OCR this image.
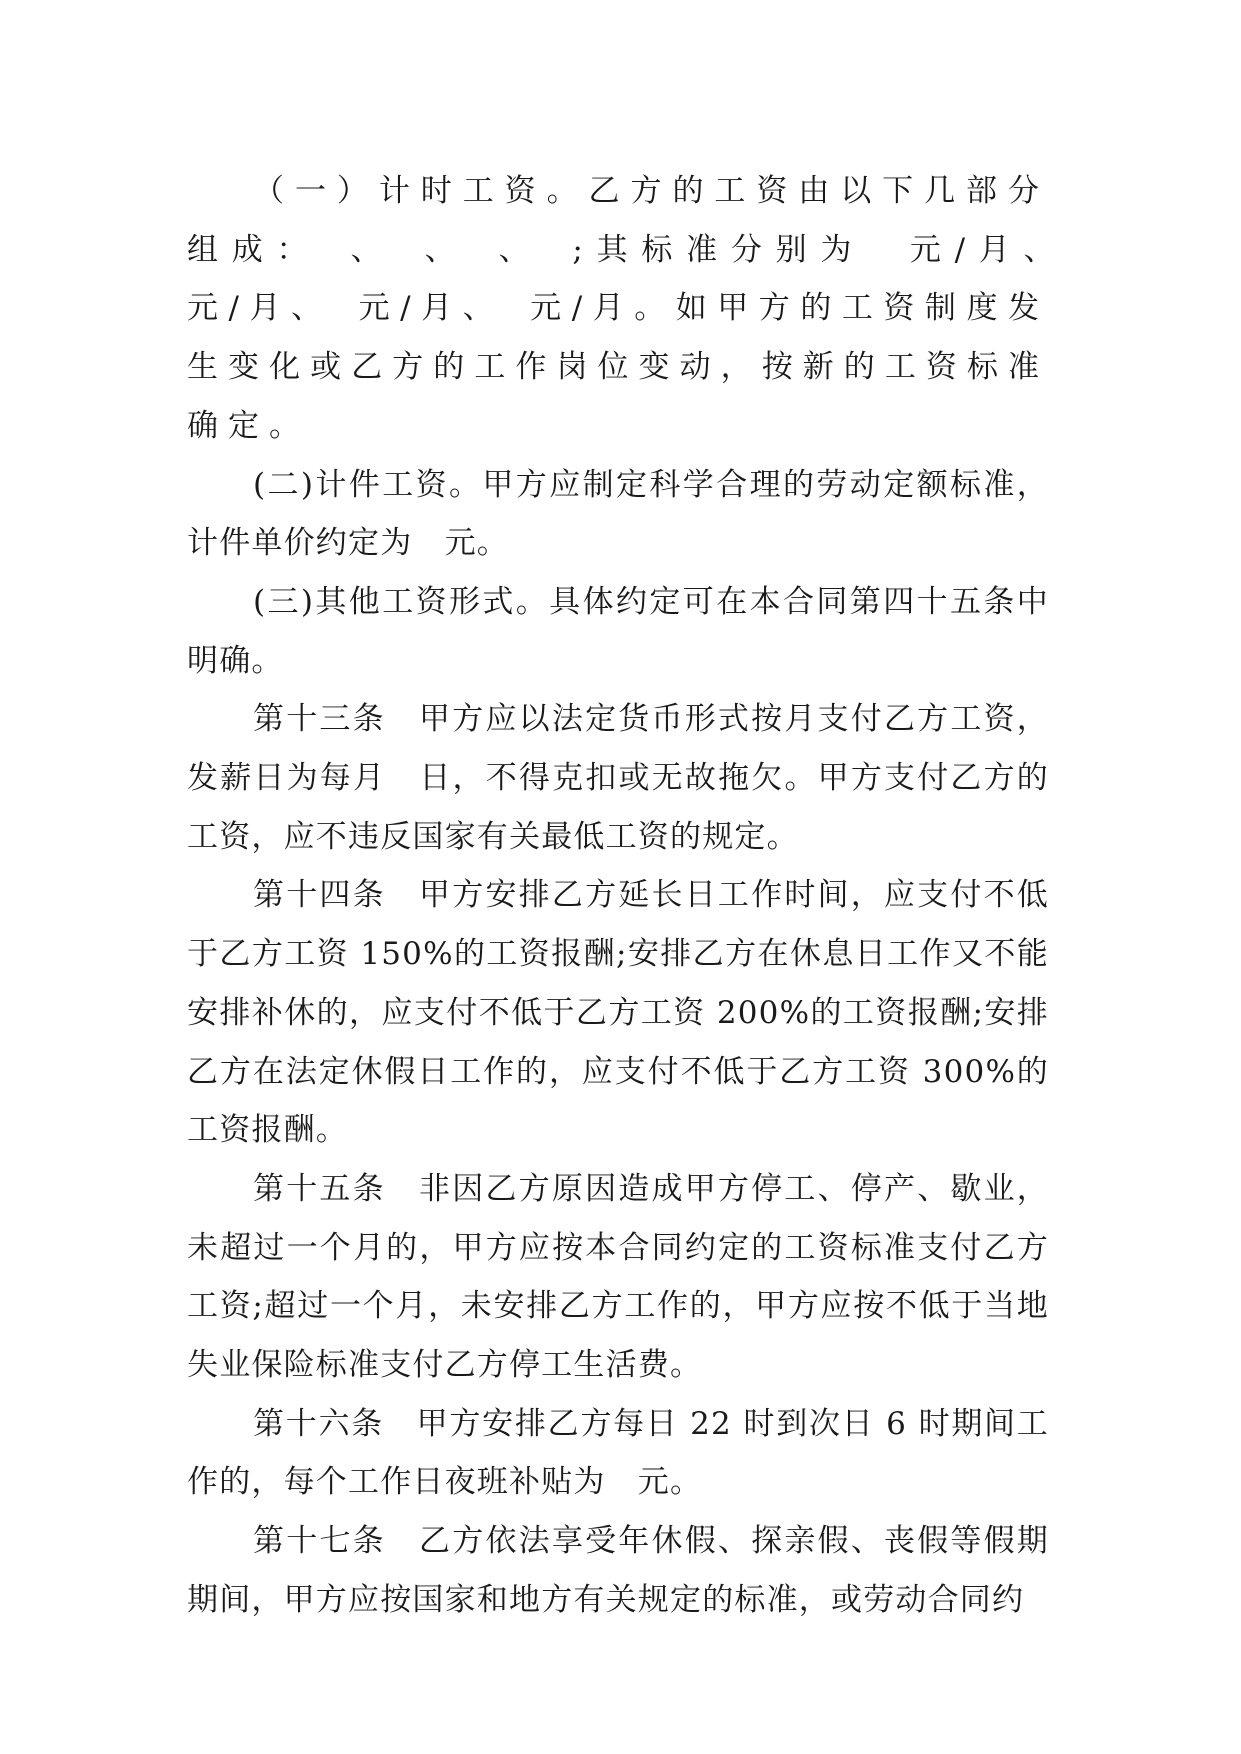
（一）计时工资。乙方的工资由以下几部分组成：　、　、　、　;其标准分别为　元/月、　元/月、　元/月、　元/月。如甲方的工资制度发生变化或乙方的工作岗位变动，按新的工资标准确定。

(二)计件工资。甲方应制定科学合理的劳动定额标准，计件单价约定为　元。

(三)其他工资形式。具体约定可在本合同第四十五条中明确。

第十三条　甲方应以法定货币形式按月支付乙方工资，发薪日为每月　日，不得克扣或无故拖欠。甲方支付乙方的工资，应不违反国家有关最低工资的规定。

第十四条　甲方安排乙方延长日工作时间，应支付不低于乙方工资 150%的工资报酬;安排乙方在休息日工作又不能安排补休的，应支付不低于乙方工资 200%的工资报酬;安排乙方在法定休假日工作的，应支付不低于乙方工资 300%的工资报酬。

第十五条　非因乙方原因造成甲方停工、停产、歇业，未超过一个月的，甲方应按本合同约定的工资标准支付乙方工资;超过一个月，未安排乙方工作的，甲方应按不低于当地失业保险标准支付乙方停工生活费。

第十六条　甲方安排乙方每日 22 时到次日 6 时期间工作的，每个工作日夜班补贴为　元。

第十七条　乙方依法享受年休假、探亲假、丧假等假期期间，甲方应按国家和地方有关规定的标准，或劳动合同约
